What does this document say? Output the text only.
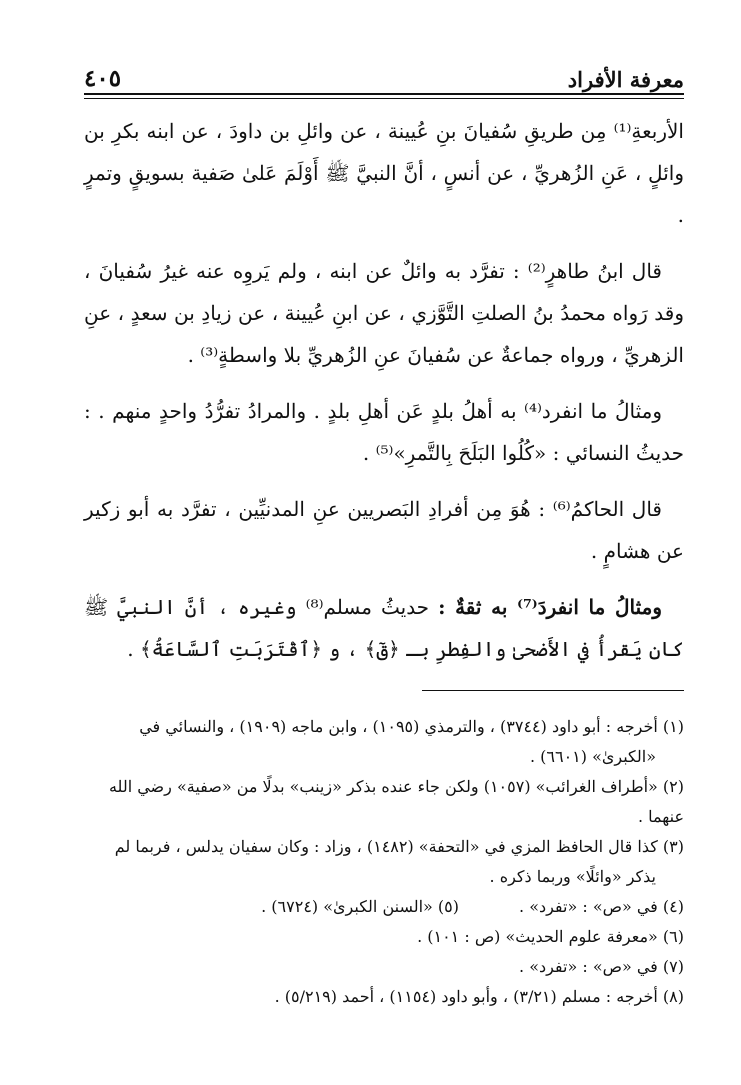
معرفة الأفراد
٤٠٥

الأربعةِ⁽¹⁾ مِن طريقِ سُفيانَ بنِ عُيينة ، عن وائلِ بن داودَ ، عن ابنه بكرِ بن وائلٍ ، عَنِ الزُهريِّ ، عن أنسٍ ، أنَّ النبيَّ ﷺ أَوْلَمَ عَلىٰ صَفية بسويقٍ وتمرٍ .

قال ابنُ طاهرٍ⁽²⁾ : تفرَّد به وائلٌ عن ابنه ، ولم يَروِه عنه غيرُ سُفيانَ ، وقد رَواه محمدُ بنُ الصلتِ التَّوَّزي ، عن ابنِ عُيينة ، عن زيادِ بن سعدٍ ، عنِ الزهريِّ ، ورواه جماعةٌ عن سُفيانَ عنِ الزُهريِّ بلا واسطةٍ⁽³⁾ .

ومثالُ ما انفرد⁽⁴⁾ به أهلُ بلدٍ عَن أهلِ بلدٍ . والمرادُ تفرُّدُ واحدٍ منهم . : حديثُ النسائي : «كُلُوا البَلَحَ بِالتَّمرِ»⁽⁵⁾ .

قال الحاكمُ⁽⁶⁾ : هُوَ مِن أفرادِ البَصريين عنِ المدنيِّين ، تفرَّد به أبو زكير عن هشامٍ .

ومثالُ ما انفردَ⁽⁷⁾ به ثقةٌ : حديثُ مسلم⁽⁸⁾ وغيره ، أنَّ النبيَّ ﷺ كان يَقرأُ في الأَضحىٰ والفِطرِ بـ ﴿قٓ﴾ ، و ﴿ٱقْتَرَبَتِ ٱلسَّاعَةُ﴾ .

(١) أخرجه : أبو داود (٣٧٤٤) ، والترمذي (١٠٩٥) ، وابن ماجه (١٩٠٩) ، والنسائي في
«الكبرىٰ» (٦٦٠١) .
(٢) «أطراف الغرائب» (١٠٥٧) ولكن جاء عنده بذكر «زينب» بدلًا من «صفية» رضي الله عنهما .
(٣) كذا قال الحافظ المزي في «التحفة» (١٤٨٢) ، وزاد : وكان سفيان يدلس ، فربما لم
يذكر «وائلًا» وربما ذكره .
(٤) في «ص» : «تفرد» .
(٥) «السنن الكبرىٰ» (٦٧٢٤) .
(٦) «معرفة علوم الحديث» (ص : ١٠١) .
(٧) في «ص» : «تفرد» .
(٨) أخرجه : مسلم (٣/٢١) ، وأبو داود (١١٥٤) ، أحمد (٥/٢١٩) .
